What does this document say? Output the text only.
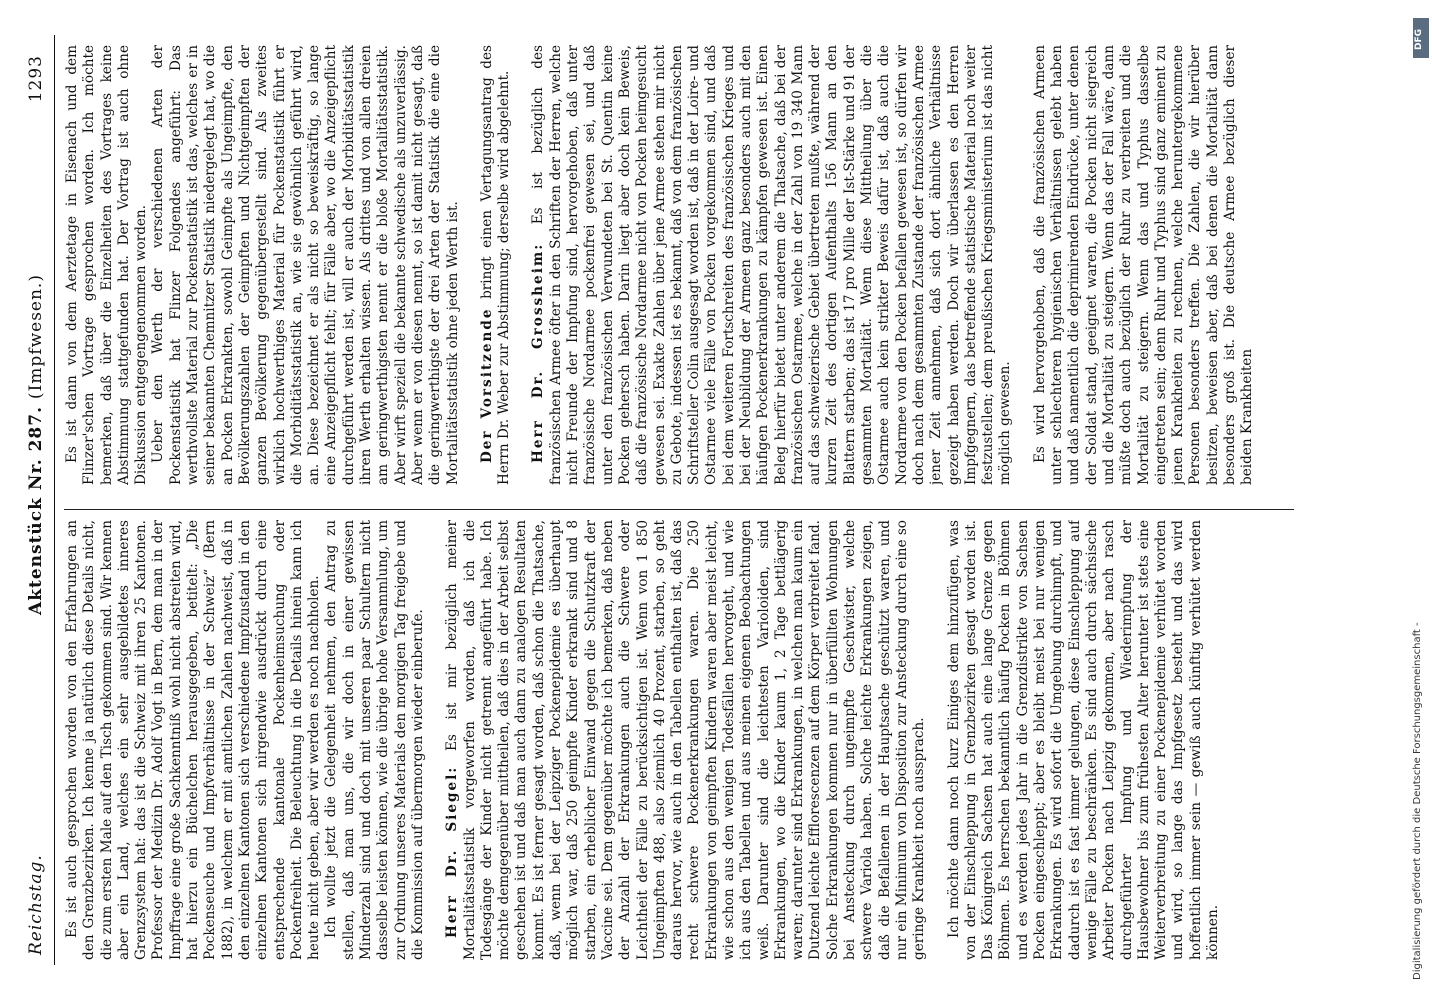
Reichstag.
Aktenstück Nr. 287. (Impfwesen.)
1293

Es ist auch gesprochen worden von den Erfahrungen an den Grenzbezirken. Ich kenne ja natürlich diese Details nicht, die zum ersten Male auf den Tisch gekommen sind. Wir kennen aber ein Land, welches ein sehr ausgebildetes inneres Grenzsystem hat: das ist die Schweiz mit ihren 25 Kantonen. Professor der Medizin Dr. Adolf Vogt in Bern, dem man in der Impffrage eine große Sachkenntniß wohl nicht abstreiten wird, hat hierzu ein Büchelchen herausgegeben, betitelt: „Die Pockenseuche und Impfverhältnisse in der Schweiz“ (Bern 1882), in welchem er mit amtlichen Zahlen nachweist, daß in den einzelnen Kantonen sich verschiedene Impfzustand in den einzelnen Kantonen sich nirgendwie ausdrückt durch eine entsprechende kantonale Pockenheimsuchung oder Pockenfreiheit. Die Beleuchtung in die Details hinein kann ich heute nicht geben, aber wir werden es noch nachholen. Ich wollte jetzt die Gelegenheit nehmen, den Antrag zu stellen, daß man uns, die wir doch in einer gewissen Minderzahl sind und doch mit unseren paar Schultern nicht dasselbe leisten können, wie die übrige hohe Versammlung, um zur Ordnung unseres Materials den morgigen Tag freigebe und die Kommission auf übermorgen wieder einberufe. Herr Dr. Siegel: Es ist mir bezüglich meiner Mortalitätsstatistik vorgeworfen worden, daß ich die Todesgänge der Kinder nicht getrennt angeführt habe. Ich möchte demgegenüber mittheilen, daß dies in der Arbeit selbst geschehen ist und daß man auch dann zu analogen Resultaten kommt. Es ist ferner gesagt worden, daß schon die Thatsache, daß, wenn bei der Leipziger Pockenepidemie es überhaupt möglich war, daß 250 geimpfte Kinder erkrankt sind und 8 starben, ein erheblicher Einwand gegen die Schutzkraft der Vaccine sei. Dem gegenüber möchte ich bemerken, daß neben der Anzahl der Erkrankungen auch die Schwere oder Leichtheit der Fälle zu berücksichtigen ist. Wenn von 1 850 Ungeimpften 488, also ziemlich 40 Prozent, starben, so geht daraus hervor, wie auch in den Tabellen enthalten ist, daß das recht schwere Pockenerkrankungen waren. Die 250 Erkrankungen von geimpften Kindern waren aber meist leicht, wie schon aus den wenigen Todesfällen hervorgeht, und wie ich aus den Tabellen und aus meinen eigenen Beobachtungen weiß. Darunter sind die leichtesten Varioloiden, sind Erkrankungen, wo die Kinder kaum 1, 2 Tage bettlägerig waren; darunter sind Erkrankungen, in welchen man kaum ein Dutzend leichte Efflorescenzen auf dem Körper verbreitet fand. Solche Erkrankungen kommen nur in überfüllten Wohnungen bei Ansteckung durch ungeimpfte Geschwister, welche schwere Variola haben. Solche leichte Erkrankungen zeigen, daß die Befallenen in der Hauptsache geschützt waren, und nur ein Minimum von Disposition zur Ansteckung durch eine so geringe Krankheit noch aussprach. Ich möchte dann noch kurz Einiges dem hinzufügen, was von der Einschleppung in Grenzbezirken gesagt worden ist. Das Königreich Sachsen hat auch eine lange Grenze gegen Böhmen. Es herrschen bekanntlich häufig Pocken in Böhmen und es werden jedes Jahr in die Grenzdistrikte von Sachsen Pocken eingeschleppt; aber es bleibt meist bei nur wenigen Erkrankungen. Es wird sofort die Umgebung durchimpft, und dadurch ist es fast immer gelungen, diese Einschleppung auf wenige Fälle zu beschränken. Es sind auch durch sächsische Arbeiter Pocken nach Leipzig gekommen, aber nach rasch durchgeführter Impfung und Wiederimpfung der Hausbewohner bis zum frühesten Alter herunter ist stets eine Weiterverbreitung zu einer Pockenepidemie verhütet worden und wird, so lange das Impfgesetz besteht und das wird hoffentlich immer sein — gewiß auch künftig verhütet werden können.

Es ist dann von dem Aerztetage in Eisenach und dem Flinzer'schen Vortrage gesprochen worden. Ich möchte bemerken, daß über die Einzelheiten des Vortrages keine Abstimmung stattgefunden hat. Der Vortrag ist auch ohne Diskussion entgegengenommen worden. Ueber den Werth der verschiedenen Arten der Pockenstatistik hat Flinzer Folgendes angeführt: Das werthvollste Material zur Pockenstatistik ist das, welches er in seiner bekannten Chemnitzer Statistik niedergelegt hat, wo die an Pocken Erkrankten, sowohl Geimpfte als Ungeimpfte, den Bevölkerungszahlen der Geimpften und Nichtgeimpften der ganzen Bevölkerung gegenübergestellt sind. Als zweites wirklich hochwerthiges Material für Pockenstatistik führt er die Morbiditätsstatistik an, wie sie gewöhnlich geführt wird, an. Diese bezeichnet er als nicht so beweiskräftig, so lange eine Anzeigepflicht fehlt; für Fälle aber, wo die Anzeigepflicht durchgeführt werden ist, will er auch der Morbiditätsstatistik ihren Werth erhalten wissen. Als drittes und von allen dreien am geringwerthigsten nennt er die bloße Mortalitätsstatistik. Aber wirft speziell die bekannte schwedische als unzuverlässig. Aber wenn er von diesen nennt, so ist damit nicht gesagt, daß die geringwerthigste der drei Arten der Statistik die eine die Mortalitätsstatistik ohne jeden Werth ist. Der Vorsitzende bringt einen Vertagungsantrag des Herrn Dr. Weber zur Abstimmung; derselbe wird abgelehnt. Herr Dr. Grossheim: Es ist bezüglich des französischen Armee öfter in den Schriften der Herren, welche nicht Freunde der Impfung sind, hervorgehoben, daß unter französische Nordarmee pockenfrei gewesen sei, und daß unter den französischen Verwundeten bei St. Quentin keine Pocken gehersch haben. Darin liegt aber doch kein Beweis, daß die französische Nordarmee nicht von Pocken heimgesucht gewesen sei. Exakte Zahlen über jene Armee stehen mir nicht zu Gebote, indessen ist es bekannt, daß von dem französischen Schriftsteller Colin ausgesagt worden ist, daß in der Loire- und Ostarmee viele Fälle von Pocken vorgekommen sind, und daß bei dem weiteren Fortschreiten des französischen Krieges und bei der Neubildung der Armeen ganz besonders auch mit den häufigen Pockenerkrankungen zu kämpfen gewesen ist. Einen Beleg hierfür bietet unter anderem die Thatsache, daß bei der französischen Ostarmee, welche in der Zahl von 19 340 Mann auf das schweizerische Gebiet übertreten mußte, während der kurzen Zeit des dortigen Aufenthalts 156 Mann an den Blattern starben; das ist 17 pro Mille der Ist-Stärke und 91 der gesammten Mortalität. Wenn diese Mittheilung über die Ostarmee auch kein strikter Beweis dafür ist, daß auch die Nordarmee von den Pocken befallen gewesen ist, so dürfen wir doch nach dem gesammten Zustande der französischen Armee jener Zeit annehmen, daß sich dort ähnliche Verhältnisse gezeigt haben werden. Doch wir überlassen es den Herren Impfgegnern, das betreffende statistische Material noch weiter festzustellen; dem preußischen Kriegsministerium ist das nicht möglich gewesen. Es wird hervorgehoben, daß die französischen Armeen unter schlechteren hygienischen Verhältnissen gelebt haben und daß namentlich die deprimirenden Eindrücke, unter denen der Soldat stand, geeignet waren, die Pocken nicht siegreich und die Mortalität zu steigern. Wenn das der Fall wäre, dann müßte doch auch bezüglich der Ruhr zu verbreiten und die Mortalität zu steigern. Wenn das und Typhus dasselbe eingetreten sein; denn Ruhr und Typhus sind ganz eminent zu jenen Krankheiten zu rechnen, welche heruntergekommene Personen besonders treffen. Die Zahlen, die wir hierüber besitzen, beweisen aber, daß bei denen die Mortalität dann besonders groß ist. Die deutsche Armee bezüglich dieser beiden Krankheiten

DFG
Digitalisierung gefördert durch die Deutsche Forschungsgemeinschaft -
